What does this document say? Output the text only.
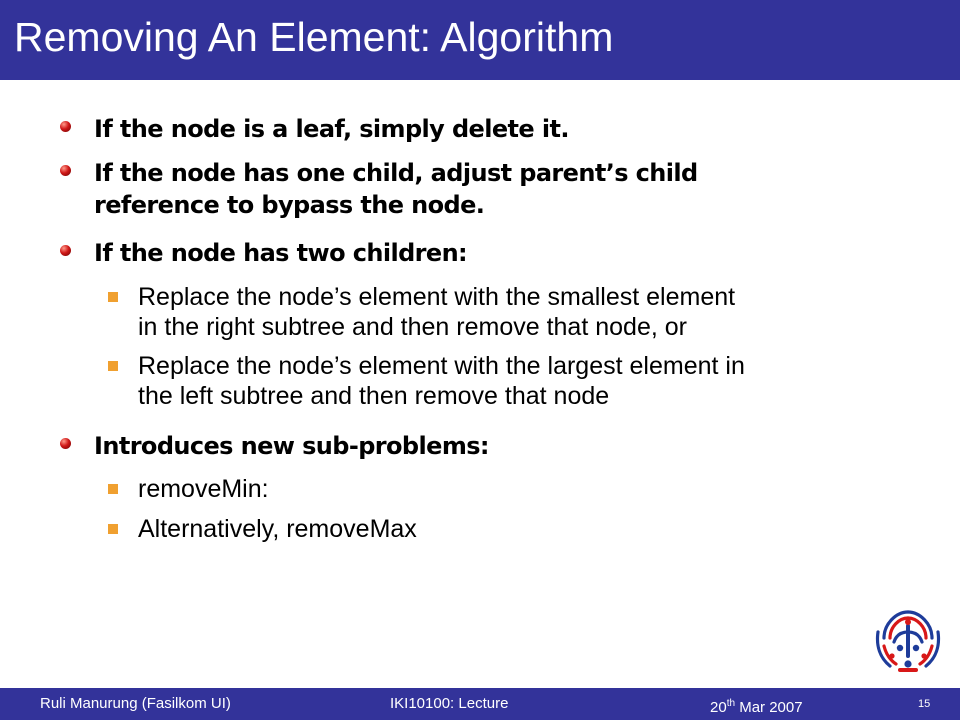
Removing An Element: Algorithm
If the node is a leaf, simply delete it.
If the node has one child, adjust parent’s child
reference to bypass the node.
If the node has two children:
Replace the node’s element with the smallest element
in the right subtree and then remove that node, or
Replace the node’s element with the largest element in
the left subtree and then remove that node
Introduces new sub-problems:
removeMin:
Alternatively, removeMax
Ruli Manurung (Fasilkom UI)	IKI10100: Lecture	20th Mar 2007	15
